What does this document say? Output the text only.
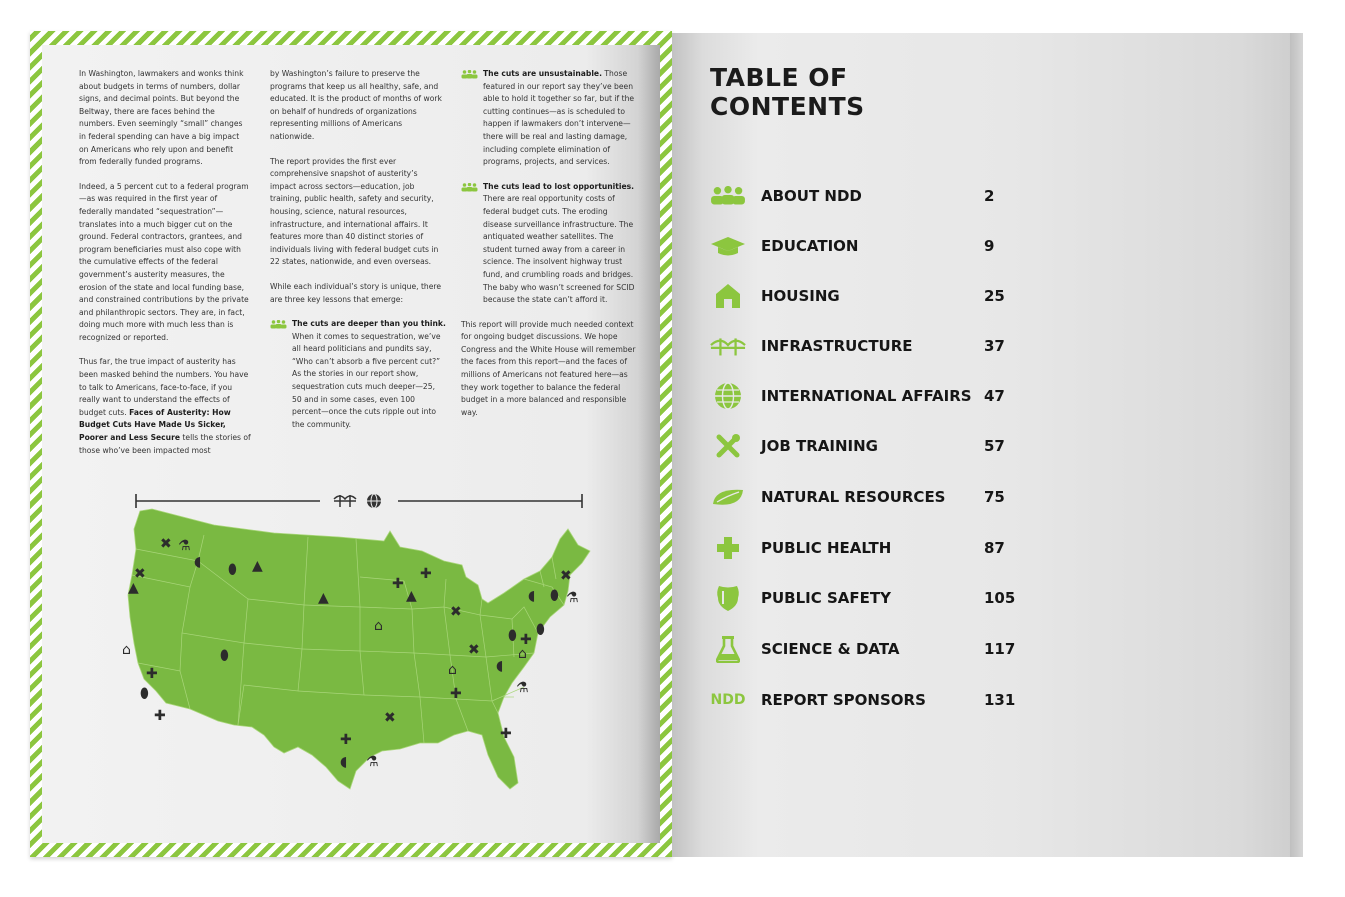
In Washington, lawmakers and wonks think about budgets in terms of numbers, dollar signs, and decimal points. But beyond the Beltway, there are faces behind the numbers. Even seemingly “small” changes in federal spending can have a big impact on Americans who rely upon and benefit from federally funded programs.

Indeed, a 5 percent cut to a federal program—as was required in the first year of federally mandated “sequestration”—translates into a much bigger cut on the ground. Federal contractors, grantees, and program beneficiaries must also cope with the cumulative effects of the federal government’s austerity measures, the erosion of the state and local funding base, and constrained contributions by the private and philanthropic sectors. They are, in fact, doing much more with much less than is recognized or reported.

Thus far, the true impact of austerity has been masked behind the numbers. You have to talk to Americans, face-to-face, if you really want to understand the effects of budget cuts. Faces of Austerity: How Budget Cuts Have Made Us Sicker, Poorer and Less Secure tells the stories of those who’ve been impacted most

by Washington’s failure to preserve the programs that keep us all healthy, safe, and educated. It is the product of months of work on behalf of hundreds of organizations representing millions of Americans nationwide.

The report provides the first ever comprehensive snapshot of austerity’s impact across sectors—education, job training, public health, safety and security, housing, science, natural resources, infrastructure, and international affairs. It features more than 40 distinct stories of individuals living with federal budget cuts in 22 states, nationwide, and even overseas.

While each individual’s story is unique, there are three key lessons that emerge:

The cuts are deeper than you think. When it comes to sequestration, we’ve all heard politicians and pundits say, “Who can’t absorb a five percent cut?” As the stories in our report show, sequestration cuts much deeper—25, 50 and in some cases, even 100 percent—once the cuts ripple out into the community.
The cuts are unsustainable. Those featured in our report say they’ve been able to hold it together so far, but if the cutting continues—as is scheduled to happen if lawmakers don’t intervene—there will be real and lasting damage, including complete elimination of programs, projects, and services.
The cuts lead to lost opportunities. There are real opportunity costs of federal budget cuts. The eroding disease surveillance infrastructure. The antiquated weather satellites. The student turned away from a career in science. The insolvent highway trust fund, and crumbling roads and bridges. The baby who wasn’t screened for SCID because the state can’t afford it.

This report will provide much needed context for ongoing budget discussions. We hope Congress and the White House will remember the faces from this report—and the faces of millions of Americans not featured here—as they work together to balance the federal budget in a more balanced and responsible way.

✖ ⚗
◖
✖
▲
⬮ ▲
▲
⌂
✚
▲
✚
✖
⌂
✚
⬮
✚
⬮
✖
✚
◖ ⚗
⌂
✖
✚
◖
⬮ ✚
⌂
⚗
⬮
◖ ⬮ ⚗
✖
✚
TABLE OF
CONTENTS
ABOUT NDD	2
EDUCATION	9
HOUSING	25
INFRASTRUCTURE	37
INTERNATIONAL AFFAIRS 47
JOB TRAINING	57
NATURAL RESOURCES	75
PUBLIC HEALTH	87
PUBLIC SAFETY	105
SCIENCE & DATA	117
NDD REPORT SPONSORS	131
